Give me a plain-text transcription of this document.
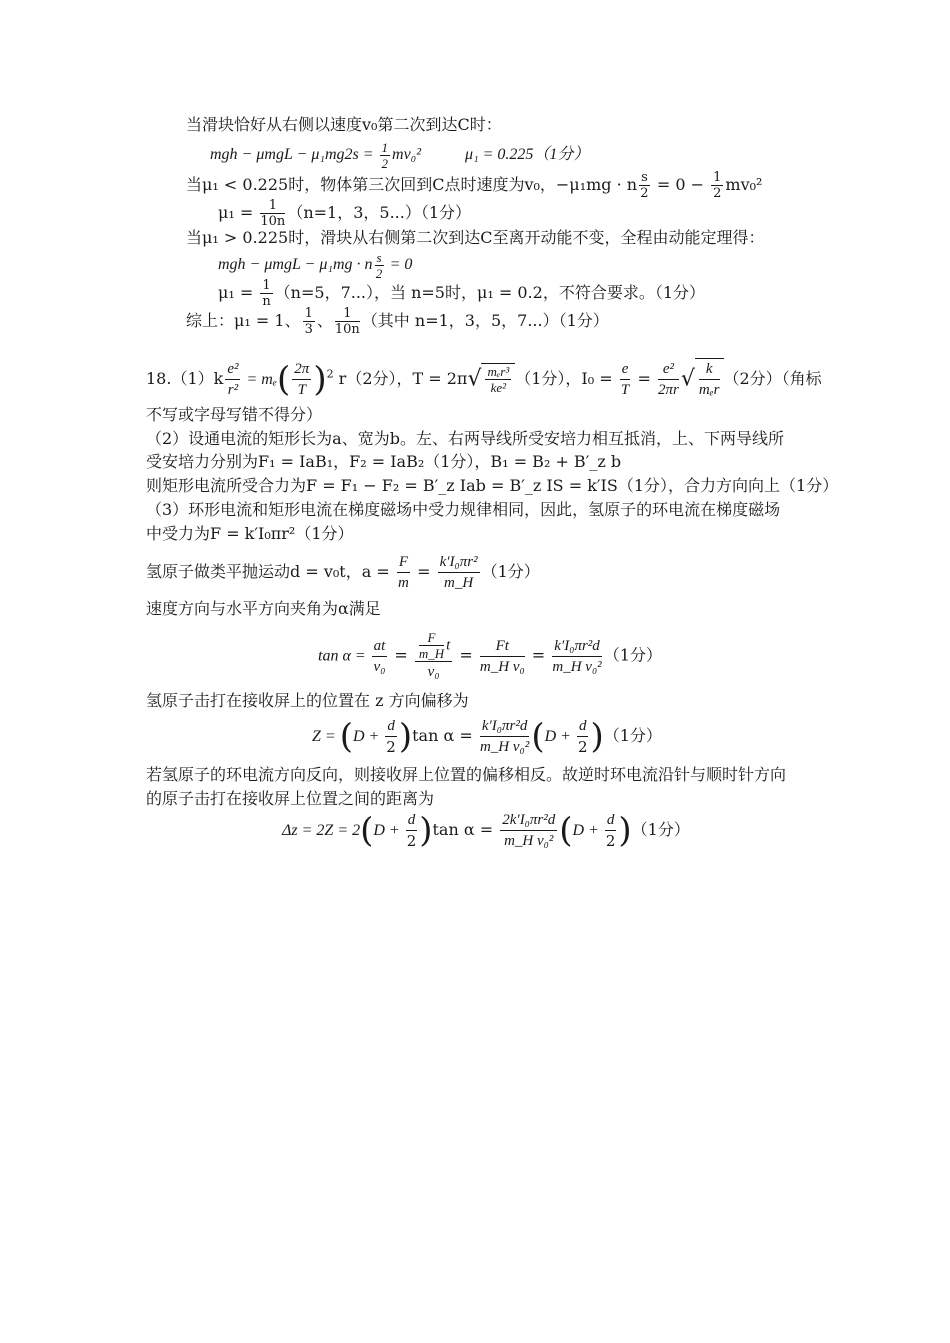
当滑块恰好从右侧以速度v₀第二次到达C时：
mgh − $\mu mgL - \mu_1mg2s = \frac{1}{2} mv_0^2$	μ₁ = 0.225（1分）
当μ₁ < 0.225时，物体第三次回到C点时速度为v₀，−μ₁mg · n $\frac{s}{2} = 0 - \frac{1}{2} mv_0^2$
$\mu_1 = \frac{1}{10n} (n=1$，3，5...）（1分）
当μ₁ > 0.225时，滑块从右侧第二次到达C至离开动能不变，全程由动能定理得：
mgh − μmgL − μ₁mg · n $\frac{s}{2} = 0$
$\mu_1 = \frac{1}{n} (n=5$，7...），当 n=5时，μ₁ = 0.2，不符合要求。（1分）
综上：μ₁ = 1、 $\frac{1}{3}$ 、 $\frac{1}{10n}$ （其中 n=1，3，5，7...）（1分）
$18.(1)k \frac{\text{e²}}{\text{r²}} = m_e( \frac{2\pi}{T} )^2$ r（2分），$T = 2\pi√ \frac{\text{mₑr³}}{\text{ke²}} (1$分），$I_0 = \frac{e}{T} = \frac{\text{e²}}{2\pi r}$ √ $\frac{k}{\text{mₑr}} (2$分）（角标
不写或字母写错不得分）
（2）设通电流的矩形长为a、宽为b。左、右两导线所受安培力相互抵消，上、下两导线所
受安培力分别为F₁ = IaB₁，F₂ = IaB₂（1分），B₁ = B₂ + B′_z b
则矩形电流所受合力为F = F₁ − F₂ = B′_z Iab = B′_z IS = k′IS（1分），合力方向向上（1分）
（3）环形电流和矩形电流在梯度磁场中受力规律相同，因此，氢原子的环电流在梯度磁场
中受力为F = k′I₀πr²（1分）
氢原子做类平抛运动d = v₀t，$a = \frac{F}{m} = \frac{\text{k′I₀πr²}}{m\_H} (1$分）
速度方向与水平方向夹角为α满足
$\tan \alpha = \frac{at}{\text{v₀}} = \frac{\frac{F}{m\_H} t}{\text{v₀}} = \frac{Ft}{\text{m\_H v₀}} = \frac{\text{k′I₀πr²d}}{\text{m\_H v₀²}} (1$分）
氢原子击打在接收屏上的位置在 z 方向偏移为
$Z = (D + \frac{d}{2} )\tan$ $\alpha = \frac{\text{k′I₀πr²d}}{\text{m\_H v₀²}} (D + \frac{d}{2} )(1$分）
若氢原子的环电流方向反向，则接收屏上位置的偏移相反。故逆时环电流沿针与顺时针方向
的原子击打在接收屏上位置之间的距离为
$\Delta z = 2Z = 2(D + \frac{d}{2} )\tan$ $\alpha = \frac{\text{2k′I₀πr²d}}{\text{m\_H v₀²}} (D + \frac{d}{2} )(1$分）
